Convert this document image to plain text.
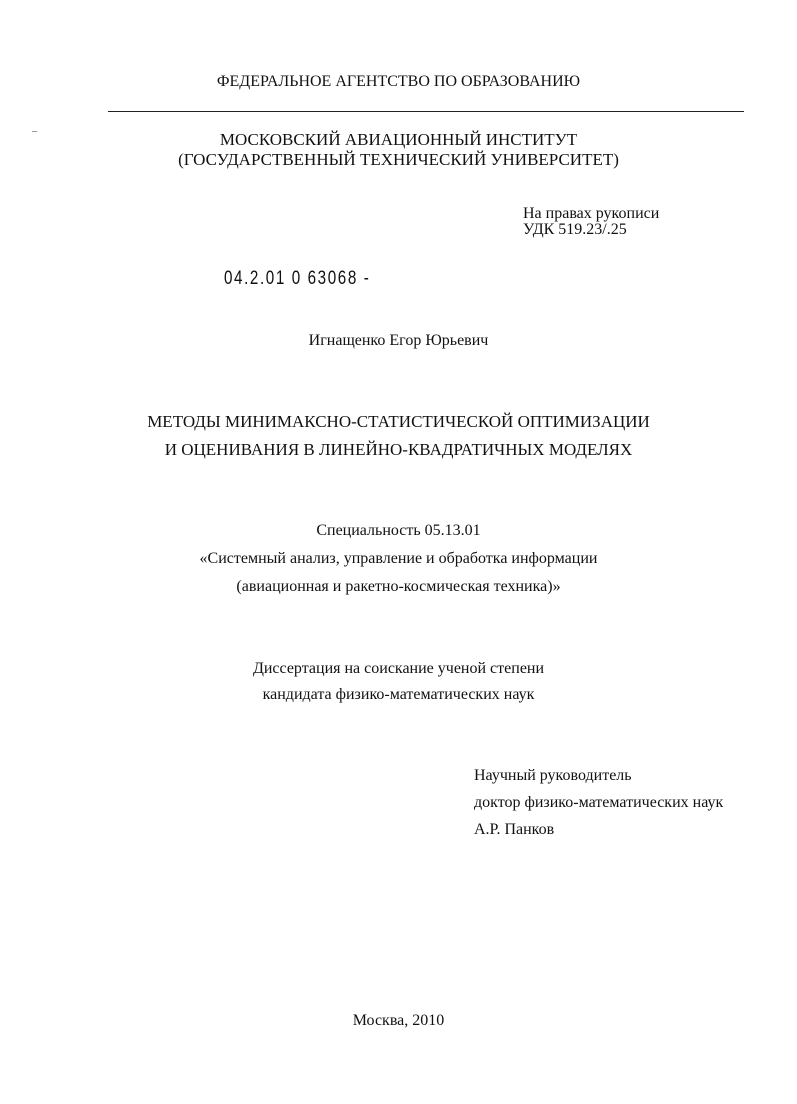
ФЕДЕРАЛЬНОЕ АГЕНТСТВО ПО ОБРАЗОВАНИЮ
МОСКОВСКИЙ АВИАЦИОННЫЙ ИНСТИТУТ
(ГОСУДАРСТВЕННЫЙ ТЕХНИЧЕСКИЙ УНИВЕРСИТЕТ)
На правах рукописи
УДК 519.23/.25
04.2.01 0 63068 -
Игнащенко Егор Юрьевич
МЕТОДЫ МИНИМАКСНО-СТАТИСТИЧЕСКОЙ ОПТИМИЗАЦИИ
И ОЦЕНИВАНИЯ В ЛИНЕЙНО-КВАДРАТИЧНЫХ МОДЕЛЯХ
Специальность 05.13.01
«Системный анализ, управление и обработка информации
(авиационная и ракетно-космическая техника)»
Диссертация на соискание ученой степени
кандидата физико-математических наук
Научный руководитель
доктор физико-математических наук
А.Р. Панков
Москва, 2010
